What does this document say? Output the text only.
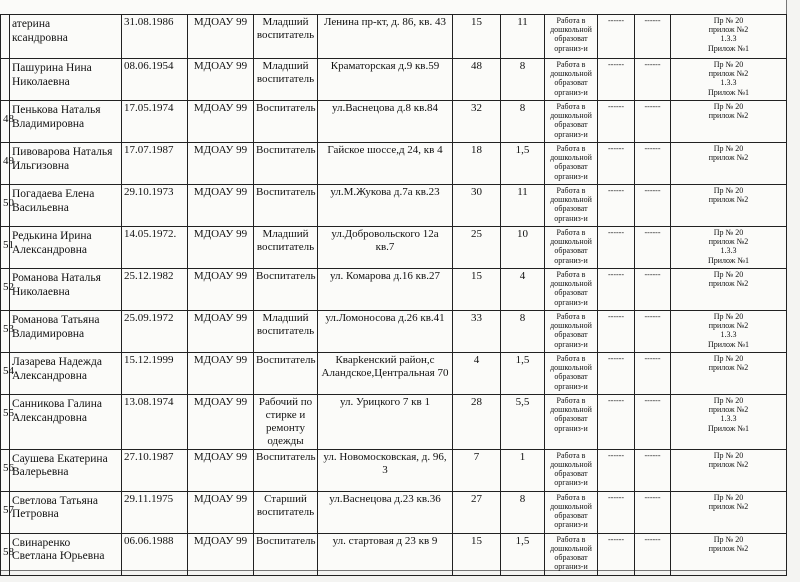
	атерина
ксандровна	31.08.1986	МДОАУ 99	Младший
воспитатель	Ленина пр-кт, д. 86, кв. 43	15	11	Работа в
дошкольной
образоват
организ-и	------	------	Пр № 20
прилож №2
1.3.3
Прилож №1

	Пашурина Нина
Николаевна	08.06.1954	МДОАУ 99	Младший
воспитатель	Краматорская д.9 кв.59	48	8	Работа в
дошкольной
образоват
организ-и	------	------	Пр № 20
прилож №2
1.3.3
Прилож №1

48	Пенькова Наталья
Владимировна	17.05.1974	МДОАУ 99	Воспитатель	ул.Васнецова д.8 кв.84	32	8	Работа в
дошкольной
образоват
организ-и	------	------	Пр № 20
прилож №2

49	Пивоварова Наталья
Ильгизовна	17.07.1987	МДОАУ 99	Воспитатель	Гайское шоссе,д 24, кв 4	18	1,5	Работа в
дошкольной
образоват
организ-и	------	------	Пр № 20
прилож №2

50	Погадаева Елена
Васильевна	29.10.1973	МДОАУ 99	Воспитатель	ул.М.Жукова д.7а кв.23	30	11	Работа в
дошкольной
образоват
организ-и	------	------	Пр № 20
прилож №2

51	Редькина Ирина
Александровна	14.05.1972.	МДОАУ 99	Младший
воспитатель	ул.Добровольского 12а
кв.7	25	10	Работа в
дошкольной
образоват
организ-и	------	------	Пр № 20
прилож №2
1.3.3
Прилож №1

52	Романова Наталья
Николаевна	25.12.1982	МДОАУ 99	Воспитатель	ул. Комарова д.16 кв.27	15	4	Работа в
дошкольной
образоват
организ-и	------	------	Пр № 20
прилож №2

53	Романова Татьяна
Владимировна	25.09.1972	МДОАУ 99	Младший
воспитатель	ул.Ломоносова д.26 кв.41	33	8	Работа в
дошкольной
образоват
организ-и	------	------	Пр № 20
прилож №2
1.3.3
Прилож №1

54	Лазарева Надежда
Александровна	15.12.1999	МДОАУ 99	Воспитатель	Кварkенский район,с
Аландское,Центральная 70	4	1,5	Работа в
дошкольной
образоват
организ-и	------	------	Пр № 20
прилож №2

55	Санникова Галина
Александровна	13.08.1974	МДОАУ 99	Рабочий по
стирке и
ремонту
одежды	ул. Урицкого 7 кв 1	28	5,5	Работа в
дошкольной
образоват
организ-и	------	------	Пр № 20
прилож №2
1.3.3
Прилож №1

56	Саушева Екатерина
Валерьевна	27.10.1987	МДОАУ 99	Воспитатель	ул. Новомосковская, д. 96,
3	7	1	Работа в
дошкольной
образоват
организ-и	------	------	Пр № 20
прилож №2

57	Светлова Татьяна
Петровна	29.11.1975	МДОАУ 99	Старший
воспитатель	ул.Васнецова д.23 кв.36	27	8	Работа в
дошкольной
образоват
организ-и	------	------	Пр № 20
прилож №2

58	Свинаренко
Светлана Юрьевна	06.06.1988	МДОАУ 99	Воспитатель	ул. стартовая д 23 кв 9	15	1,5	Работа в
дошкольной
образоват
организ-и	------	------	Пр № 20
прилож №2
